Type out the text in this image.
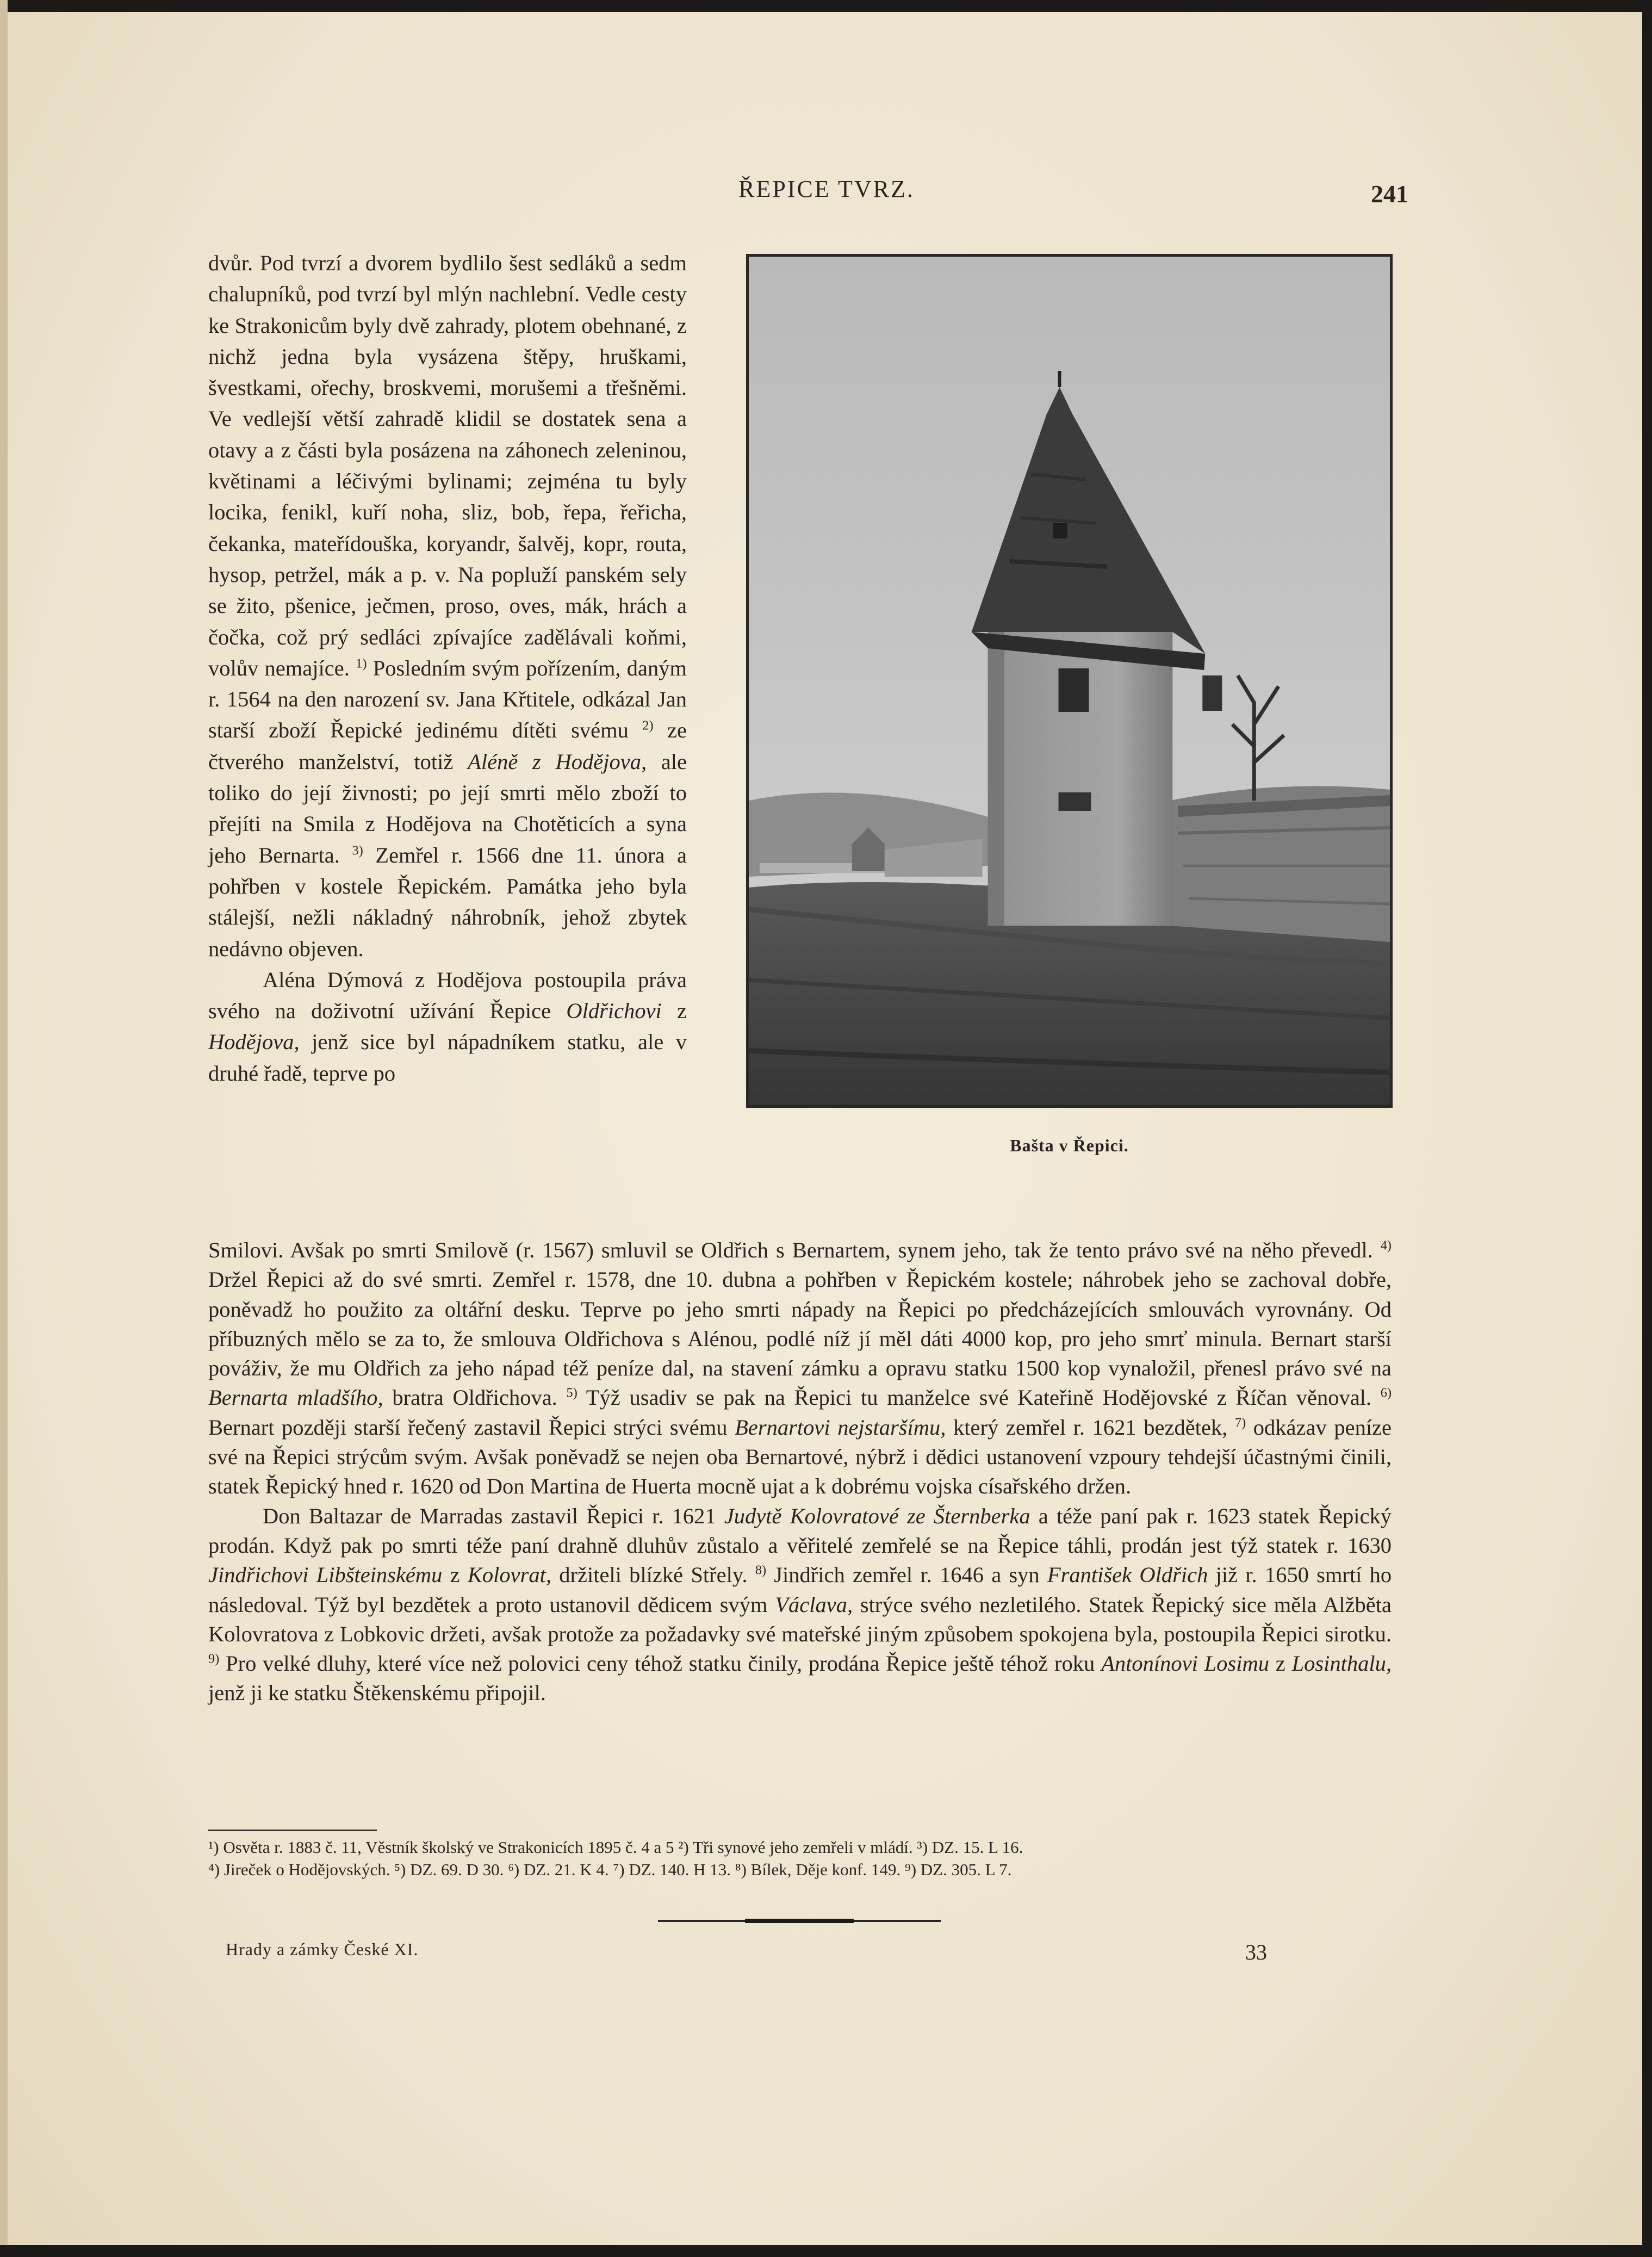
ŘEPICE TVRZ.	241

dvůr. Pod tvrzí a dvorem bydlilo šest sedláků a sedm chalupníků, pod tvrzí byl mlýn nachlební. Vedle cesty ke Strakonicům byly dvě zahrady, plotem obehnané, z nichž jedna byla vysázena štěpy, hruškami, švestkami, ořechy, broskvemi, morušemi a třešněmi. Ve vedlejší větší zahradě klidil se dostatek sena a otavy a z části byla posázena na záhonech zeleninou, květinami a léčivými bylinami; zejména tu byly locika, fenikl, kuří noha, sliz, bob, řepa, řeřicha, čekanka, mateřídouška, koryandr, šalvěj, kopr, routa, hysop, petržel, mák a p. v. Na popluží panském sely se žito, pšenice, ječmen, proso, oves, mák, hrách a čočka, což prý sedláci zpívajíce zadělávali koňmi, volův nemajíce. $^{1)}$ Posledním svým pořízením, daným r. 1564 na den narození sv. Jana Křtitele, odkázal Jan starší zboží Řepické jedinému dítěti svému $^{2)}$ ze čtverého manželství, totiž Aléně z Hodějova, ale toliko do její živnosti; po její smrti mělo zboží to přejíti na Smila z Hodějova na Chotěticích a syna jeho Bernarta. $^{3)}$ Zemřel r. 1566 dne 11. února a pohřben v kostele Řepickém. Památka jeho byla stálejší, nežli nákladný náhrobník, jehož zbytek nedávno objeven.

Aléna Dýmová z Hodějova postoupila práva svého na doživotní užívání Řepice Oldřichovi z Hodějova, jenž sice byl nápadníkem statku, ale v druhé řadě, teprve po

Bašta v Řepici.

Smilovi. Avšak po smrti Smilově (r. 1567) smluvil se Oldřich s Bernartem, synem jeho, tak že tento právo své na něho převedl. $^{4)}$ Držel Řepici až do své smrti. Zemřel r. 1578, dne 10. dubna a pohřben v Řepickém kostele; náhrobek jeho se zachoval dobře, poněvadž ho použito za oltářní desku. Teprve po jeho smrti nápady na Řepici po předcházejících smlouvách vyrovnány. Od příbuzných mělo se za to, že smlouva Oldřichova s Alénou, podlé níž jí měl dáti 4000 kop, pro jeho smrť minula. Bernart starší pováživ, že mu Oldřich za jeho nápad též peníze dal, na stavení zámku a opravu statku 1500 kop vynaložil, přenesl právo své na Bernarta mladšího, bratra Oldřichova. $^{5)}$ Týž usadiv se pak na Řepici tu manželce své Kateřině Hodějovské z Říčan věnoval. $^{6)}$ Bernart později starší řečený zastavil Řepici strýci svému Bernartovi nejstaršímu, který zemřel r. 1621 bezdětek, $^{7)}$ odkázav peníze své na Řepici strýcům svým. Avšak poněvadž se nejen oba Bernartové, nýbrž i dědici ustanovení vzpoury tehdejší účastnými činili, statek Řepický hned r. 1620 od Don Martina de Huerta mocně ujat a k dobrému vojska císařského držen.

Don Baltazar de Marradas zastavil Řepici r. 1621 Judytě Kolovratové ze Šternberka a téže paní pak r. 1623 statek Řepický prodán. Když pak po smrti téže paní drahně dluhův zůstalo a věřitelé zemřelé se na Řepice táhli, prodán jest týž statek r. 1630 Jindřichovi Libšteinskému z Kolovrat, držiteli blízké Střely. $^{8)}$ Jindřich zemřel r. 1646 a syn František Oldřich již r. 1650 smrtí ho následoval. Týž byl bezdětek a proto ustanovil dědicem svým Václava, strýce svého nezletilého. Statek Řepický sice měla Alžběta Kolovratova z Lobkovic držeti, avšak protože za požadavky své mateřské jiným způsobem spokojena byla, postoupila Řepici sirotku. $^{9)}$ Pro velké dluhy, které více než polovici ceny téhož statku činily, prodána Řepice ještě téhož roku Antonínovi Losimu z Losinthalu, jenž ji ke statku Štěkenskému připojil.

¹) Osvěta r. 1883 č. 11, Věstník školský ve Strakonicích 1895 č. 4 a 5 ²) Tři synové jeho zemřeli v mládí. ³) DZ. 15. L 16.

⁴) Jireček o Hodějovských. ⁵) DZ. 69. D 30. ⁶) DZ. 21. K 4. ⁷) DZ. 140. H 13. ⁸) Bílek, Děje konf. 149. ⁹) DZ. 305. L 7.

Hrady a zámky České XI.	33
